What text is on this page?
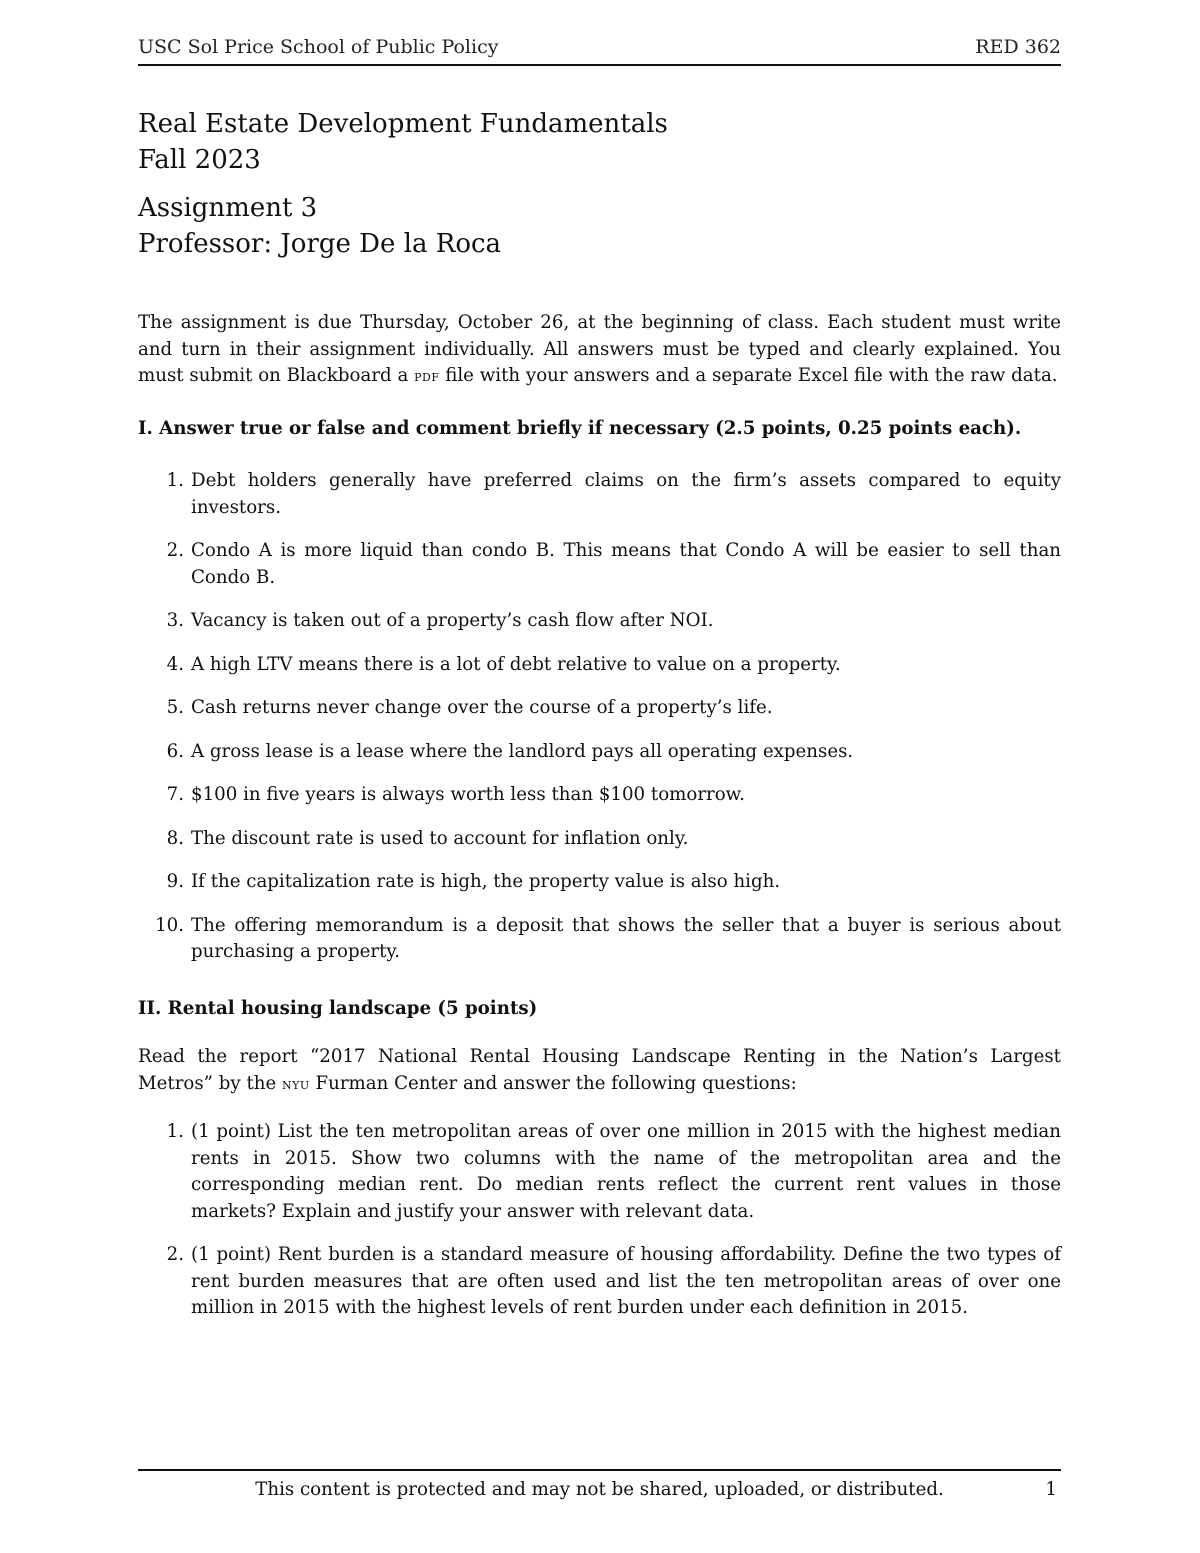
USC Sol Price School of Public Policy	RED 362
Real Estate Development Fundamentals
Fall 2023
Assignment 3
Professor: Jorge De la Roca

The assignment is due Thursday, October 26, at the beginning of class. Each student must write and turn in their assignment individually. All answers must be typed and clearly explained. You must submit on Blackboard a pdf file with your answers and a separate Excel file with the raw data.

I. Answer true or false and comment briefly if necessary (2.5 points, 0.25 points each).

1. Debt holders generally have preferred claims on the firm’s assets compared to equity investors.
2. Condo A is more liquid than condo B. This means that Condo A will be easier to sell than Condo B.
3. Vacancy is taken out of a property’s cash flow after NOI.
4. A high LTV means there is a lot of debt relative to value on a property.
5. Cash returns never change over the course of a property’s life.
6. A gross lease is a lease where the landlord pays all operating expenses.
7. $100 in five years is always worth less than $100 tomorrow.
8. The discount rate is used to account for inflation only.
9. If the capitalization rate is high, the property value is also high.
10. The offering memorandum is a deposit that shows the seller that a buyer is serious about purchasing a property.

II. Rental housing landscape (5 points)

Read the report “2017 National Rental Housing Landscape Renting in the Nation’s Largest Metros” by the nyu Furman Center and answer the following questions:

1. (1 point) List the ten metropolitan areas of over one million in 2015 with the highest median rents in 2015. Show two columns with the name of the metropolitan area and the corresponding median rent. Do median rents reflect the current rent values in those markets? Explain and justify your answer with relevant data.
2. (1 point) Rent burden is a standard measure of housing affordability. Define the two types of rent burden measures that are often used and list the ten metropolitan areas of over one million in 2015 with the highest levels of rent burden under each definition in 2015.
This content is protected and may not be shared, uploaded, or distributed.	1
